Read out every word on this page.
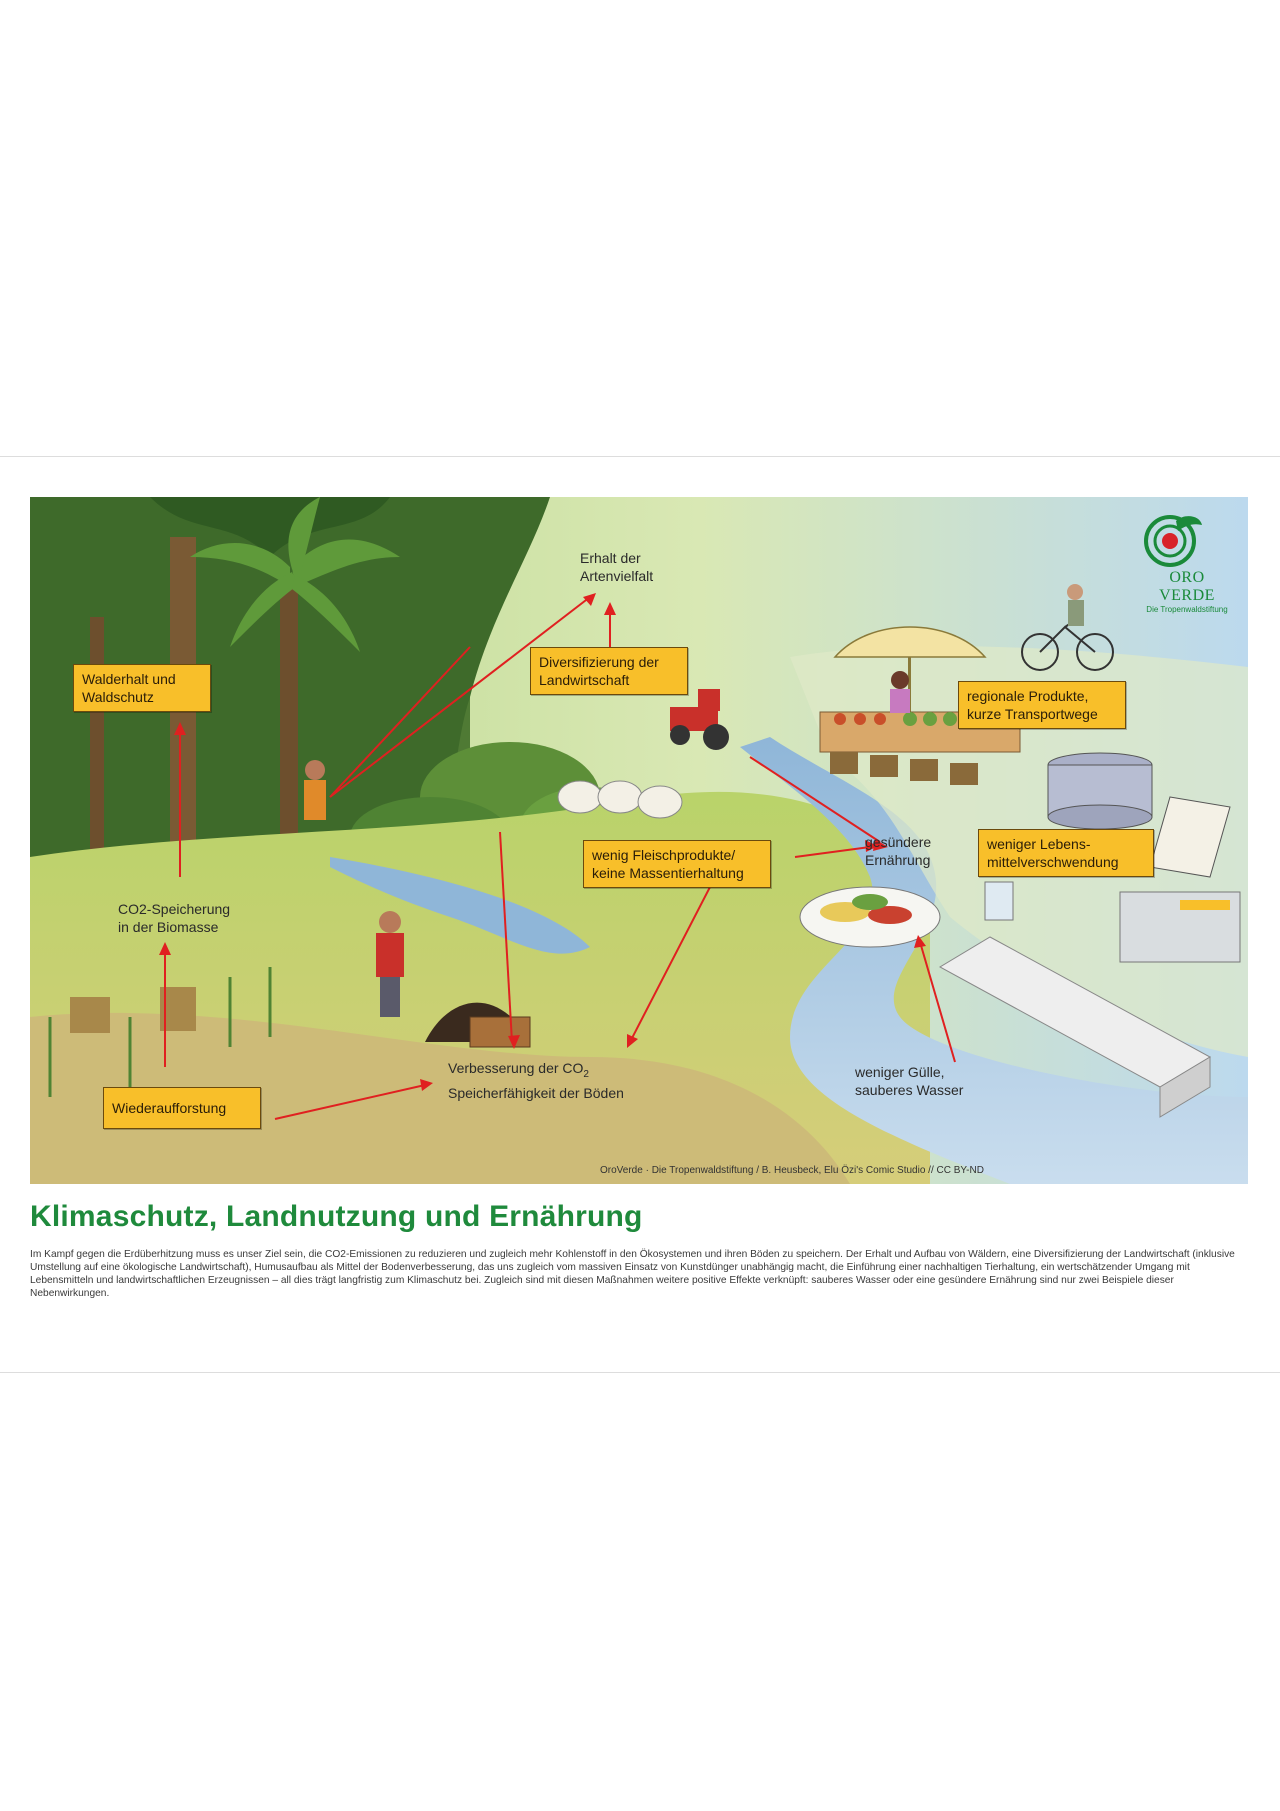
ORO VERDE
Die Tropenwaldstiftung
Walderhalt und
Waldschutz
Diversifizierung der
Landwirtschaft
regionale Produkte,
kurze Transportwege
wenig Fleischprodukte/
keine Massentierhaltung
weniger Lebens-
mittelverschwendung
Wiederaufforstung
Erhalt der
Artenvielfalt
CO2-Speicherung
in der Biomasse
gesündere
Ernährung
Verbesserung der $CO_2$
Speicherfähigkeit der Böden
weniger Gülle,
sauberes Wasser
OroVerde · Die Tropenwaldstiftung / B. Heusbeck, Elu Özi's Comic Studio // CC BY-ND
Klimaschutz, Landnutzung und Ernährung

Im Kampf gegen die Erdüberhitzung muss es unser Ziel sein, die CO2-Emissionen zu reduzieren und zugleich mehr Kohlenstoff in den Ökosystemen und ihren Böden zu speichern. Der Erhalt und Aufbau von Wäldern, eine Diversifizierung der Landwirtschaft (inklusive Umstellung auf eine ökologische Landwirtschaft), Humusaufbau als Mittel der Bodenverbesserung, das uns zugleich vom massiven Einsatz von Kunstdünger unabhängig macht, die Einführung einer nachhaltigen Tierhaltung, ein wertschätzender Umgang mit Lebensmitteln und landwirtschaftlichen Erzeugnissen – all dies trägt langfristig zum Klimaschutz bei. Zugleich sind mit diesen Maßnahmen weitere positive Effekte verknüpft: sauberes Wasser oder eine gesündere Ernährung sind nur zwei Beispiele dieser Nebenwirkungen.
